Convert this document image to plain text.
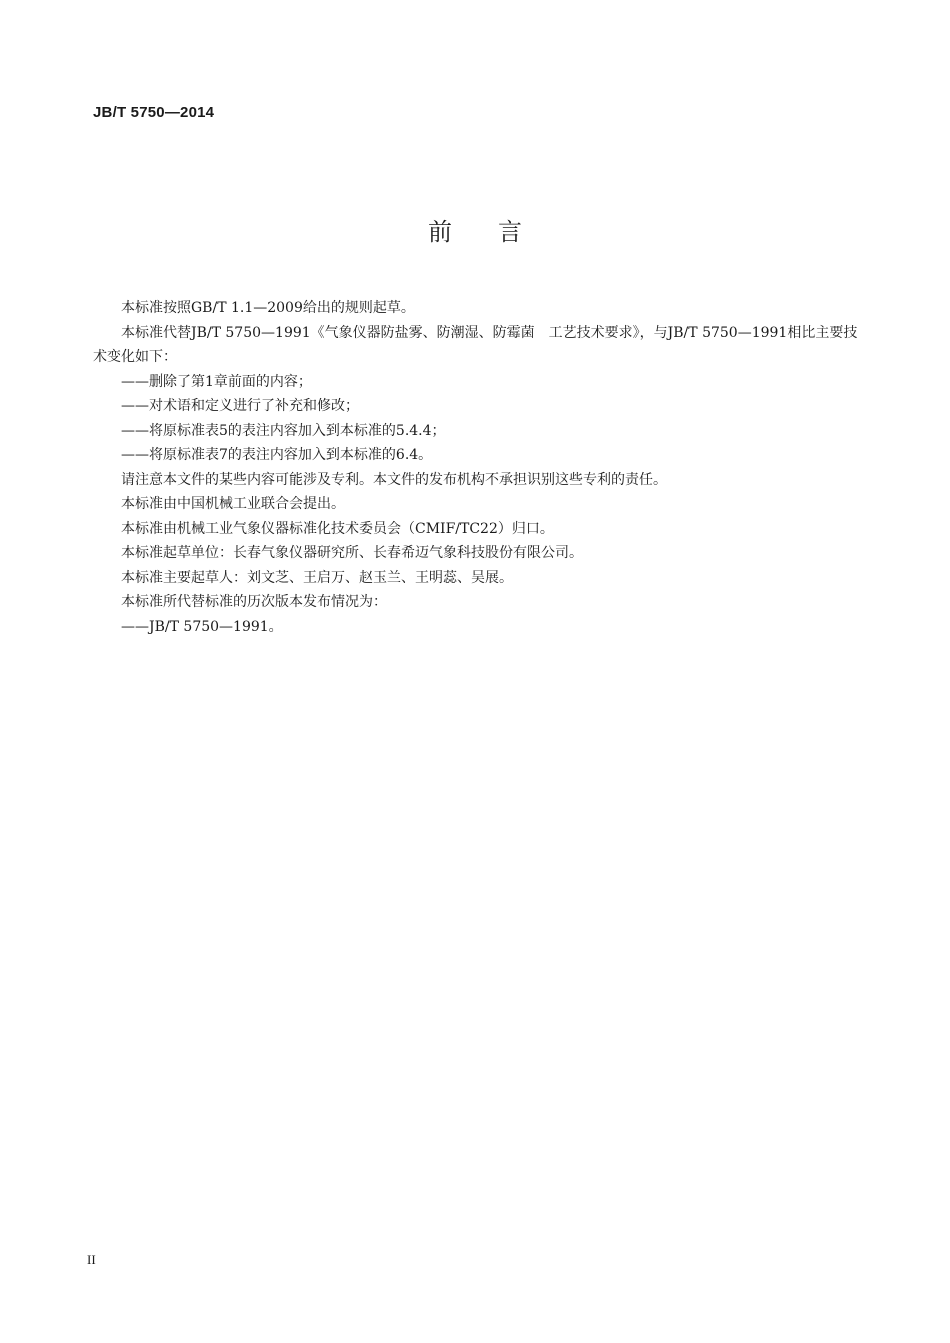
JB/T 5750—2014
前言

本标准按照GB/T 1.1—2009给出的规则起草。

本标准代替JB/T 5750—1991《气象仪器防盐雾、防潮湿、防霉菌　工艺技术要求》，与JB/T 5750—1991相比主要技术变化如下：

——删除了第1章前面的内容；

——对术语和定义进行了补充和修改；

——将原标准表5的表注内容加入到本标准的5.4.4；

——将原标准表7的表注内容加入到本标准的6.4。

请注意本文件的某些内容可能涉及专利。本文件的发布机构不承担识别这些专利的责任。

本标准由中国机械工业联合会提出。

本标准由机械工业气象仪器标准化技术委员会（CMIF/TC22）归口。

本标准起草单位：长春气象仪器研究所、长春希迈气象科技股份有限公司。

本标准主要起草人：刘文芝、王启万、赵玉兰、王明蕊、吴展。

本标准所代替标准的历次版本发布情况为：

——JB/T 5750—1991。

II
